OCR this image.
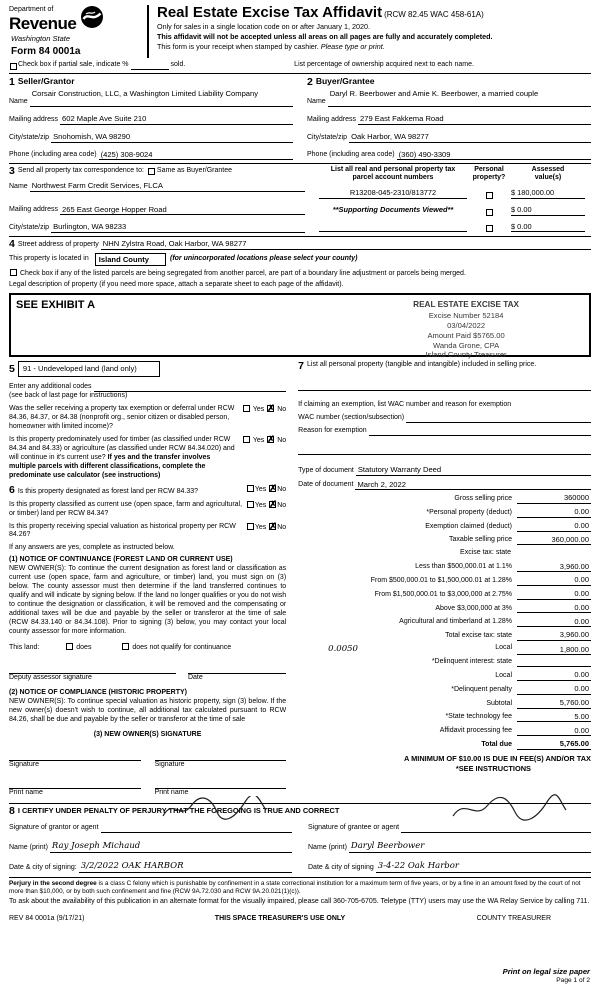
Department of
Revenue
Washington State
Form 84 0001a
Real Estate Excise Tax Affidavit (RCW 82.45 WAC 458-61A)
Only for sales in a single location code on or after January 1, 2020.
This affidavit will not be accepted unless all areas on all pages are fully and accurately completed.
This form is your receipt when stamped by cashier. Please type or print.
Check box if partial sale, indicate %	sold.	List percentage of ownership acquired next to each name.
1 Seller/Grantor
Name
Corsair Construction, LLC, a Washington Limited Liability Company
Mailing address 602 Maple Ave Suite 210
City/state/zip Snohomish, WA 98290
Phone (including area code) (425) 308-9024
2 Buyer/Grantee
Name
Daryl R. Beerbower and Amie K. Beerbower, a married couple
Mailing address 279 East Fakkema Road
City/state/zip Oak Harbor, WA 98277
Phone (including area code) (360) 490-3309
3 Send all property tax correspondence to: Same as Buyer/Grantee
Name Northwest Farm Credit Services, FLCA
Mailing address 265 East George Hopper Road
City/state/zip Burlington, WA 98233
List all real and personal property tax
parcel account numbers
Personal
property?
Assessed
value(s)
R13208-045-2310/813772	$ 180,000.00
**Supporting Documents Viewed**	$ 0.00
$ 0.00
4 Street address of property NHN Zylstra Road, Oak Harbor, WA 98277
This property is located in	Island County	(for unincorporated locations please select your county)
Check box if any of the listed parcels are being segregated from another parcel, are part of a boundary line adjustment or parcels being merged.
Legal description of property (if you need more space, attach a separate sheet to each page of the affidavit).
SEE EXHIBIT A	REAL ESTATE EXCISE TAX
Excise Number 52184
03/04/2022
Amount Paid $5765.00
Wanda Grone, CPA
Island County Treasurer
5	91 - Undeveloped land (land only)
Enter any additional codes
(see back of last page for instructions)
Was the seller receiving a property tax exemption or deferral under RCW 84.36, 84.37, or 84.38 (nonprofit org., senior citizen or disabled person, homeowner with limited income)?
Yes ✗ No
Is this property predominately used for timber (as classified under RCW 84.34 and 84.33) or agriculture (as classified under RCW 84.34.020) and will continue in it's current use? If yes and the transfer involves multiple parcels with different classifications, complete the predominate use calculator (see instructions)
Yes ✗ No
6 Is this property designated as forest land per RCW 84.33?	Yes ✗ No
Is this property classified as current use (open space, farm and agricultural, or timber) land per RCW 84.34?
Yes ✗ No
Is this property receiving special valuation as historical property per RCW 84.26?
Yes ✗ No
If any answers are yes, complete as instructed below.
(1) NOTICE OF CONTINUANCE (FOREST LAND OR CURRENT USE)
NEW OWNER(S): To continue the current designation as forest land or classification as current use (open space, farm and agriculture, or timber) land, you must sign on (3) below. The county assessor must then determine if the land transferred continues to qualify and will indicate by signing below. If the land no longer qualifies or you do not wish to continue the designation or classification, it will be removed and the compensating or additional taxes will be due and payable by the seller or transferor at the time of sale (RCW 84.33.140 or 84.34.108). Prior to signing (3) below, you may contact your local county assessor for more information.
This land:	does	does not qualify for continuance
Deputy assessor signature	Date
(2) NOTICE OF COMPLIANCE (HISTORIC PROPERTY)
NEW OWNER(S): To continue special valuation as historic property, sign (3) below. If the new owner(s) doesn't wish to continue, all additional tax calculated pursuant to RCW 84.26, shall be due and payable by the seller or transferor at the time of sale
(3) NEW OWNER(S) SIGNATURE
Signature	Signature
Print name	Print name
7 List all personal property (tangible and intangible) included in selling price.
If claiming an exemption, list WAC number and reason for exemption
WAC number (section/subsection)
Reason for exemption
Type of document Statutory Warranty Deed
Date of document March 2, 2022
Gross selling price	360000
*Personal property (deduct)	0.00
Exemption claimed (deduct)	0.00
Taxable selling price	360,000.00
Excise tax: state
Less than $500,000.01 at 1.1%	3,960.00
From $500,000.01 to $1,500,000.01 at 1.28%	0.00
From $1,500,000.01 to $3,000,000 at 2.75%	0.00
Above $3,000,000 at 3%	0.00
Agricultural and timberland at 1.28%	0.00
Total excise tax: state	3,960.00
0.0050	Local	1,800.00
*Delinquent interest: state
Local	0.00
*Delinquent penalty	0.00
Subtotal	5,760.00
*State technology fee	5.00
Affidavit processing fee	0.00
Total due	5,765.00
A MINIMUM OF $10.00 IS DUE IN FEE(S) AND/OR TAX
*SEE INSTRUCTIONS
8 I CERTIFY UNDER PENALTY OF PERJURY THAT THE FOREGOING IS TRUE AND CORRECT
Signature of grantor or agent	Signature of grantee or agent
Name (print) Ray Joseph Michaud	Name (print) Daryl Beerbower
Date & city of signing: 3/2/2022 OAK HARBOR	Date & city of signing 3-4-22 Oak Harbor
Perjury in the second degree is a class C felony which is punishable by confinement in a state correctional institution for a maximum term of five years, or by a fine in an amount fixed by the court of not more than $10,000, or by both such confinement and fine (RCW 9A.72.030 and RCW 9A.20.021(1)(c)).
To ask about the availability of this publication in an alternate format for the visually impaired, please call 360-705-6705. Teletype (TTY) users may use the WA Relay Service by calling 711.
REV 84 0001a (9/17/21)	THIS SPACE TREASURER'S USE ONLY	COUNTY TREASURER
Print on legal size paper
Page 1 of 2
